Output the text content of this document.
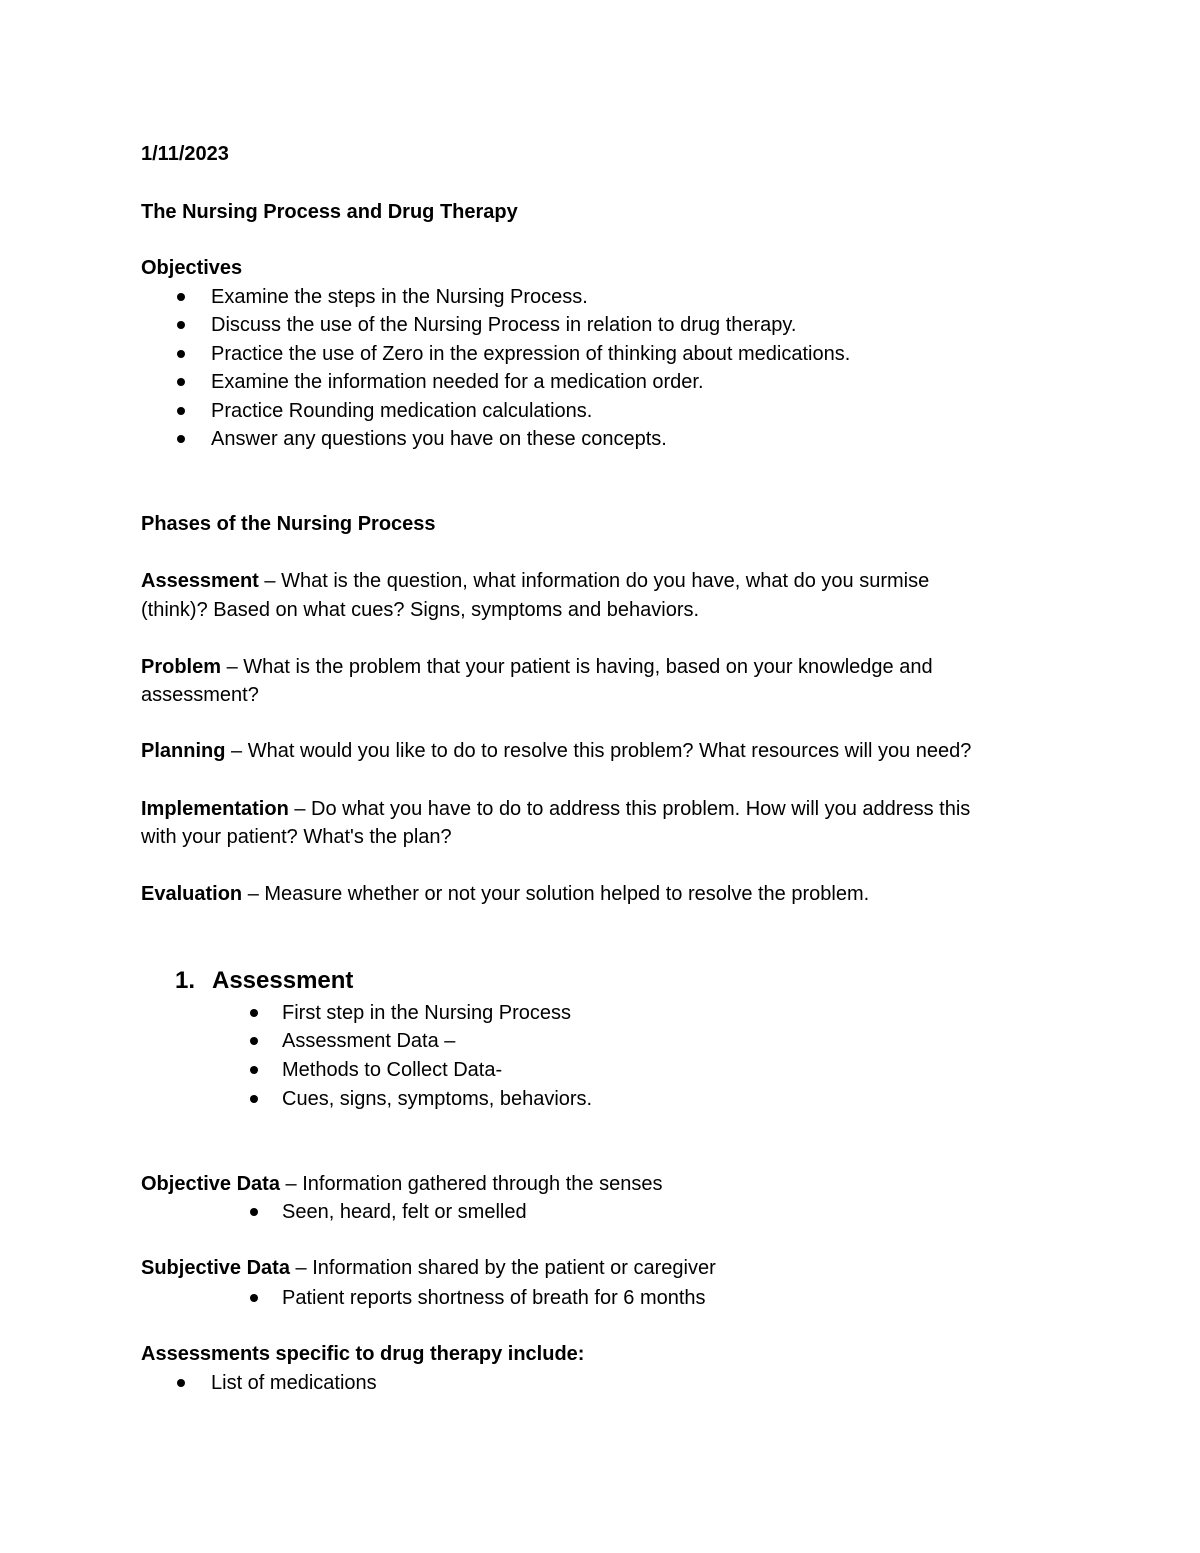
1/11/2023
The Nursing Process and Drug Therapy
Objectives
Examine the steps in the Nursing Process.
Discuss the use of the Nursing Process in relation to drug therapy.
Practice the use of Zero in the expression of thinking about medications.
Examine the information needed for a medication order.
Practice Rounding medication calculations.
Answer any questions you have on these concepts.
Phases of the Nursing Process
Assessment – What is the question, what information do you have, what do you surmise
(think)? Based on what cues? Signs, symptoms and behaviors.
Problem – What is the problem that your patient is having, based on your knowledge and
assessment?
Planning – What would you like to do to resolve this problem? What resources will you need?
Implementation – Do what you have to do to address this problem. How will you address this
with your patient? What's the plan?
Evaluation – Measure whether or not your solution helped to resolve the problem.
1. Assessment
First step in the Nursing Process
Assessment Data –
Methods to Collect Data-
Cues, signs, symptoms, behaviors.
Objective Data – Information gathered through the senses
Seen, heard, felt or smelled
Subjective Data – Information shared by the patient or caregiver
Patient reports shortness of breath for 6 months
Assessments specific to drug therapy include:
List of medications
